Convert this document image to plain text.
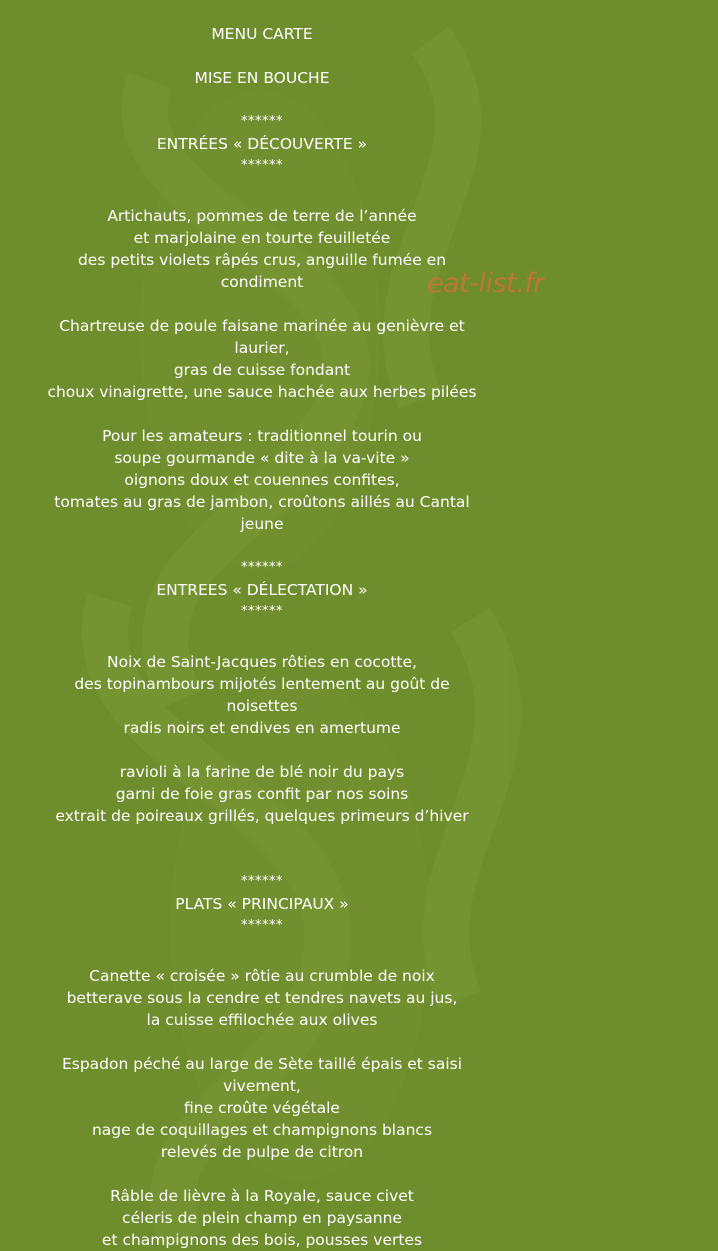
MENU CARTE
MISE EN BOUCHE
******
ENTRÉES « DÉCOUVERTE »
******
Artichauts, pommes de terre de l’année
et marjolaine en tourte feuilletée
des petits violets râpés crus, anguille fumée en
condiment
Chartreuse de poule faisane marinée au genièvre et
laurier,
gras de cuisse fondant
choux vinaigrette, une sauce hachée aux herbes pilées
Pour les amateurs : traditionnel tourin ou
soupe gourmande « dite à la va-vite »
oignons doux et couennes confites,
tomates au gras de jambon, croûtons aillés au Cantal
jeune
******
ENTREES « DÉLECTATION »
******
Noix de Saint-Jacques rôties en cocotte,
des topinambours mijotés lentement au goût de
noisettes
radis noirs et endives en amertume
ravioli à la farine de blé noir du pays
garni de foie gras confit par nos soins
extrait de poireaux grillés, quelques primeurs d’hiver
******
PLATS « PRINCIPAUX »
******
Canette « croisée » rôtie au crumble de noix
betterave sous la cendre et tendres navets au jus,
la cuisse effilochée aux olives
Espadon péché au large de Sète taillé épais et saisi
vivement,
fine croûte végétale
nage de coquillages et champignons blancs
relevés de pulpe de citron
Râble de lièvre à la Royale, sauce civet
céleris de plein champ en paysanne
et champignons des bois, pousses vertes
eat-list.fr
